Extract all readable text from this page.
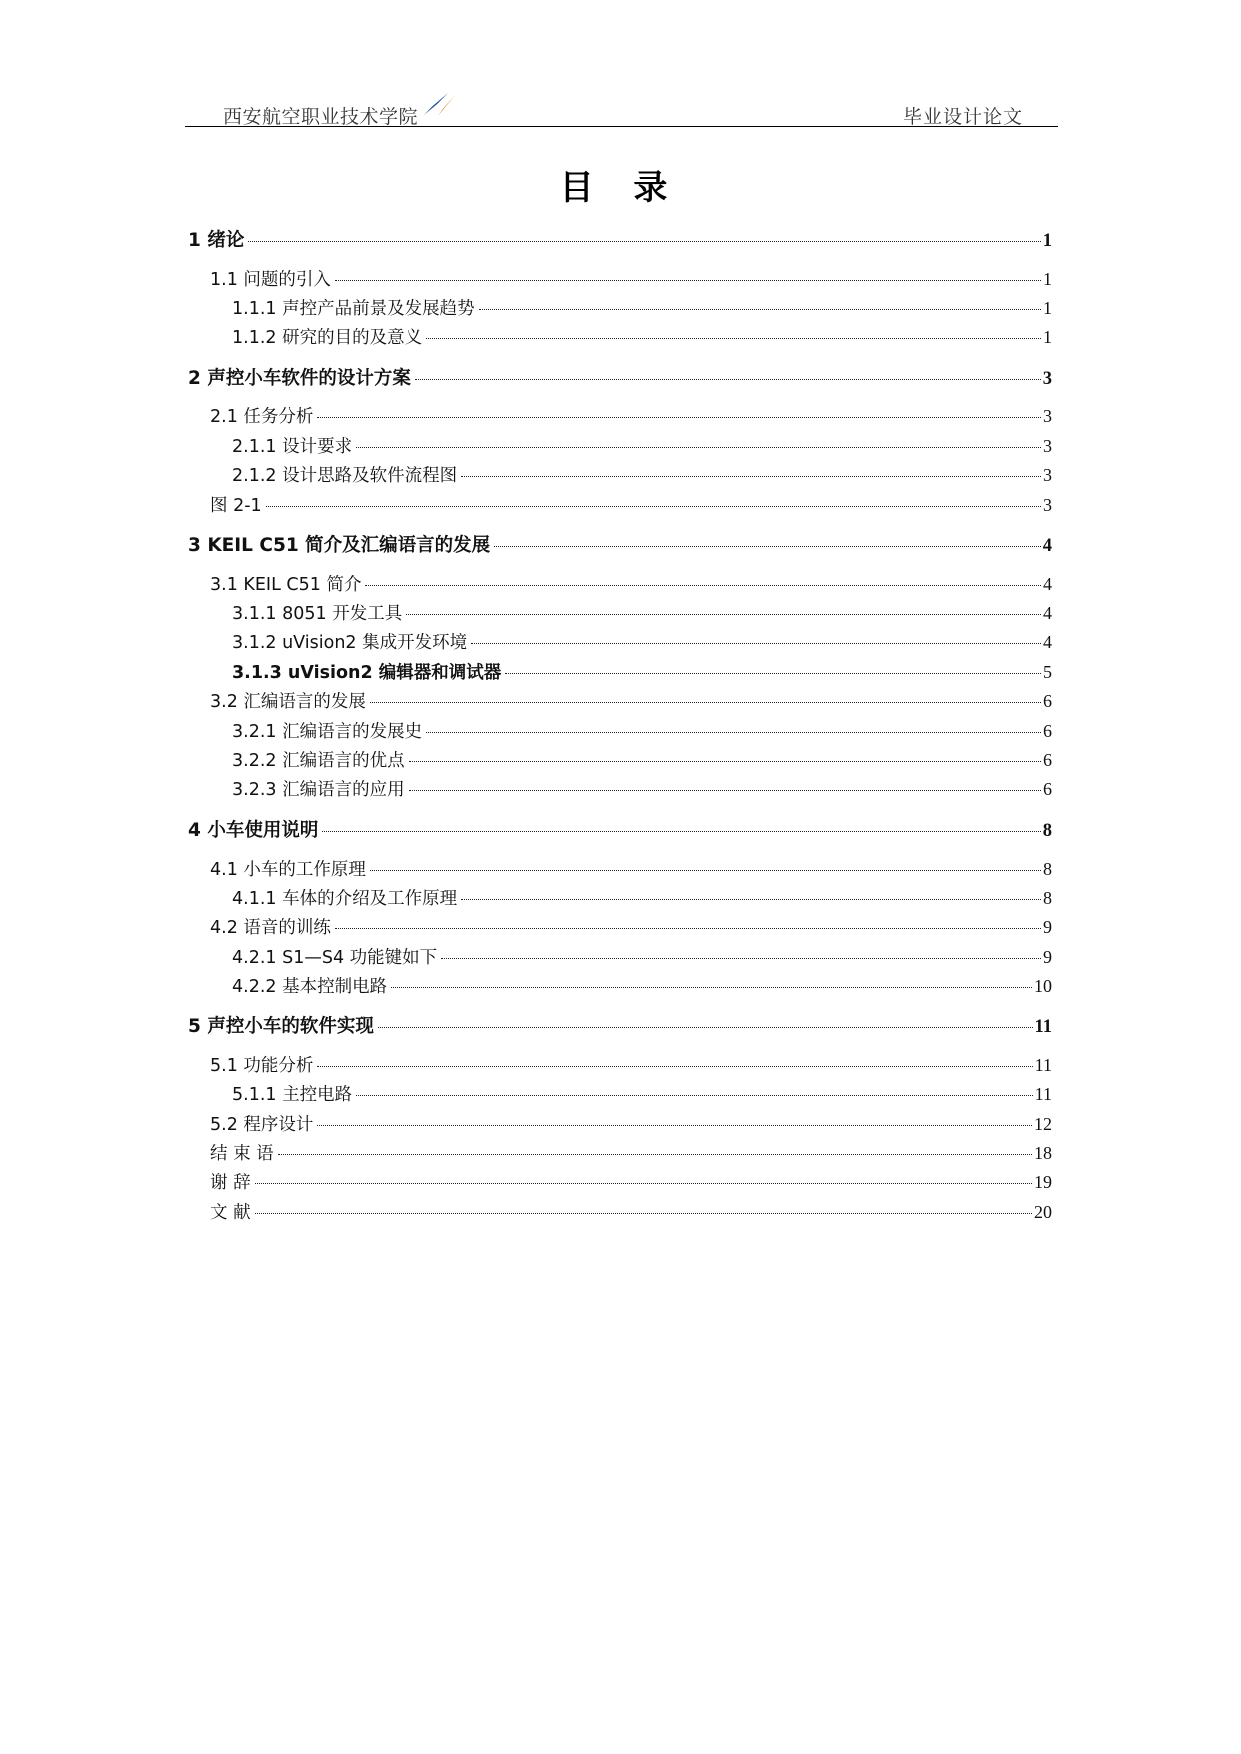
西安航空职业技术学院	毕业设计论文
目 录
1 绪论	1
1.1 问题的引入	1
1.1.1 声控产品前景及发展趋势	1
1.1.2 研究的目的及意义	1
2 声控小车软件的设计方案	3
2.1 任务分析	3
2.1.1 设计要求	3
2.1.2 设计思路及软件流程图	3
图 2-1	3
3 KEIL C51 简介及汇编语言的发展	4
3.1 KEIL C51 简介	4
3.1.1 8051 开发工具	4
3.1.2 uVision2 集成开发环境	4
3.1.3 uVision2 编辑器和调试器	5
3.2 汇编语言的发展	6
3.2.1 汇编语言的发展史	6
3.2.2 汇编语言的优点	6
3.2.3 汇编语言的应用	6
4 小车使用说明	8
4.1 小车的工作原理	8
4.1.1 车体的介绍及工作原理	8
4.2 语音的训练	9
4.2.1 S1—S4 功能键如下	9
4.2.2 基本控制电路	10
5 声控小车的软件实现	11
5.1 功能分析	11
5.1.1 主控电路	11
5.2 程序设计	12
结 束 语	18
谢 辞	19
文 献	20
